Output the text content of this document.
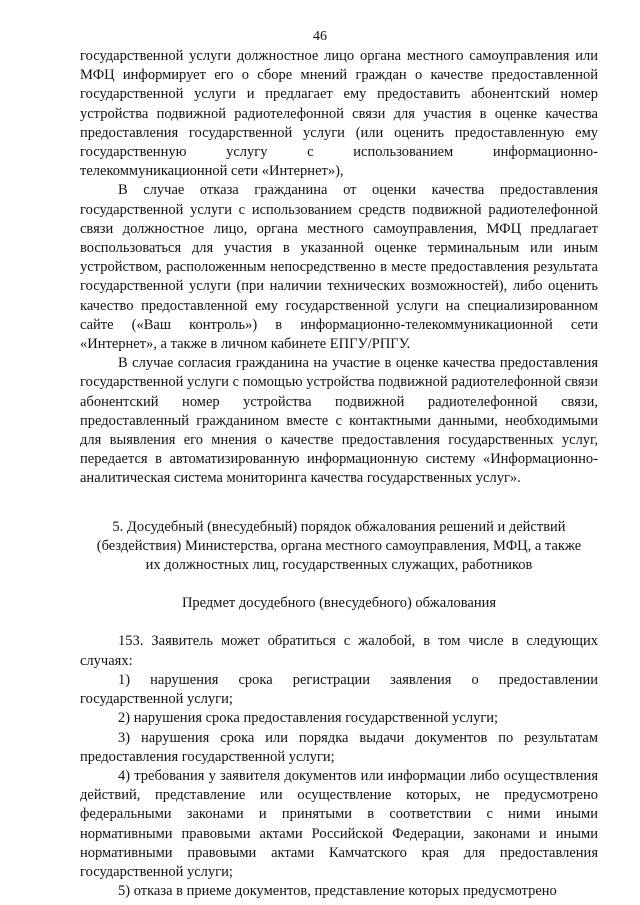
46

государственной услуги должностное лицо органа местного самоуправления или МФЦ информирует его о сборе мнений граждан о качестве предоставленной государственной услуги и предлагает ему предоставить абонентский номер устройства подвижной радиотелефонной связи для участия в оценке качества предоставления государственной услуги (или оценить предоставленную ему государственную услугу с использованием информационно-телекоммуникационной сети «Интернет»),

В случае отказа гражданина от оценки качества предоставления государственной услуги с использованием средств подвижной радиотелефонной связи должностное лицо, органа местного самоуправления, МФЦ предлагает воспользоваться для участия в указанной оценке терминальным или иным устройством, расположенным непосредственно в месте предоставления результата государственной услуги (при наличии технических возможностей), либо оценить качество предоставленной ему государственной услуги на специализированном сайте («Ваш контроль») в информационно-телекоммуникационной сети «Интернет», а также в личном кабинете ЕПГУ/РПГУ.

В случае согласия гражданина на участие в оценке качества предоставления государственной услуги с помощью устройства подвижной радиотелефонной связи абонентский номер устройства подвижной радиотелефонной связи, предоставленный гражданином вместе с контактными данными, необходимыми для выявления его мнения о качестве предоставления государственных услуг, передается в автоматизированную информационную систему «Информационно-аналитическая система мониторинга качества государственных услуг».

5. Досудебный (внесудебный) порядок обжалования решений и действий
(бездействия) Министерства, органа местного самоуправления, МФЦ, а также
их должностных лиц, государственных служащих, работников
Предмет досудебного (внесудебного) обжалования

153. Заявитель может обратиться с жалобой, в том числе в следующих случаях:

1) нарушения срока регистрации заявления о предоставлении государственной услуги;

2) нарушения срока предоставления государственной услуги;

3) нарушения срока или порядка выдачи документов по результатам предоставления государственной услуги;

4) требования у заявителя документов или информации либо осуществления действий, представление или осуществление которых, не предусмотрено федеральными законами и принятыми в соответствии с ними иными нормативными правовыми актами Российской Федерации, законами и иными нормативными правовыми актами Камчатского края для предоставления государственной услуги;

5) отказа в приеме документов, представление которых предусмотрено
